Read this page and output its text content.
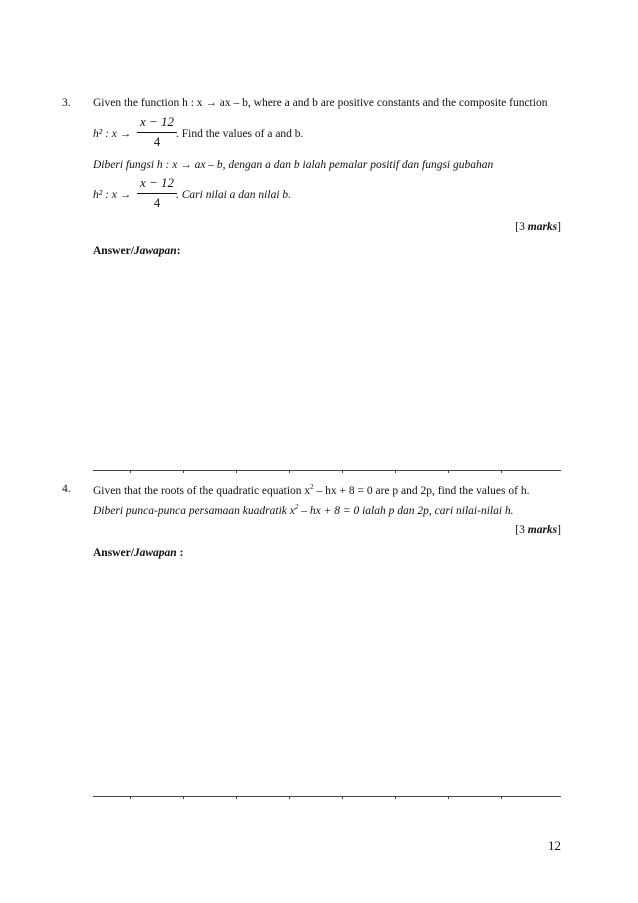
3. Given the function h : x → ax – b, where a and b are positive constants and the composite function
h² : x →
x − 12
4	. Find the values of a and b.
Diberi fungsi h : x → ax – b, dengan a dan b ialah pemalar positif dan fungsi gubahan
h² : x →
x − 12
4	. Cari nilai a dan nilai b.
[3 marks]
Answer/Jawapan:
4. Given that the roots of the quadratic equation $x^2$ – hx + 8 = 0 are p and 2p, find the values of h.
Diberi punca-punca persamaan kuadratik $x^2$ – hx + 8 = 0 ialah p dan 2p, cari nilai-nilai h.
[3 marks]
Answer/Jawapan :
12
